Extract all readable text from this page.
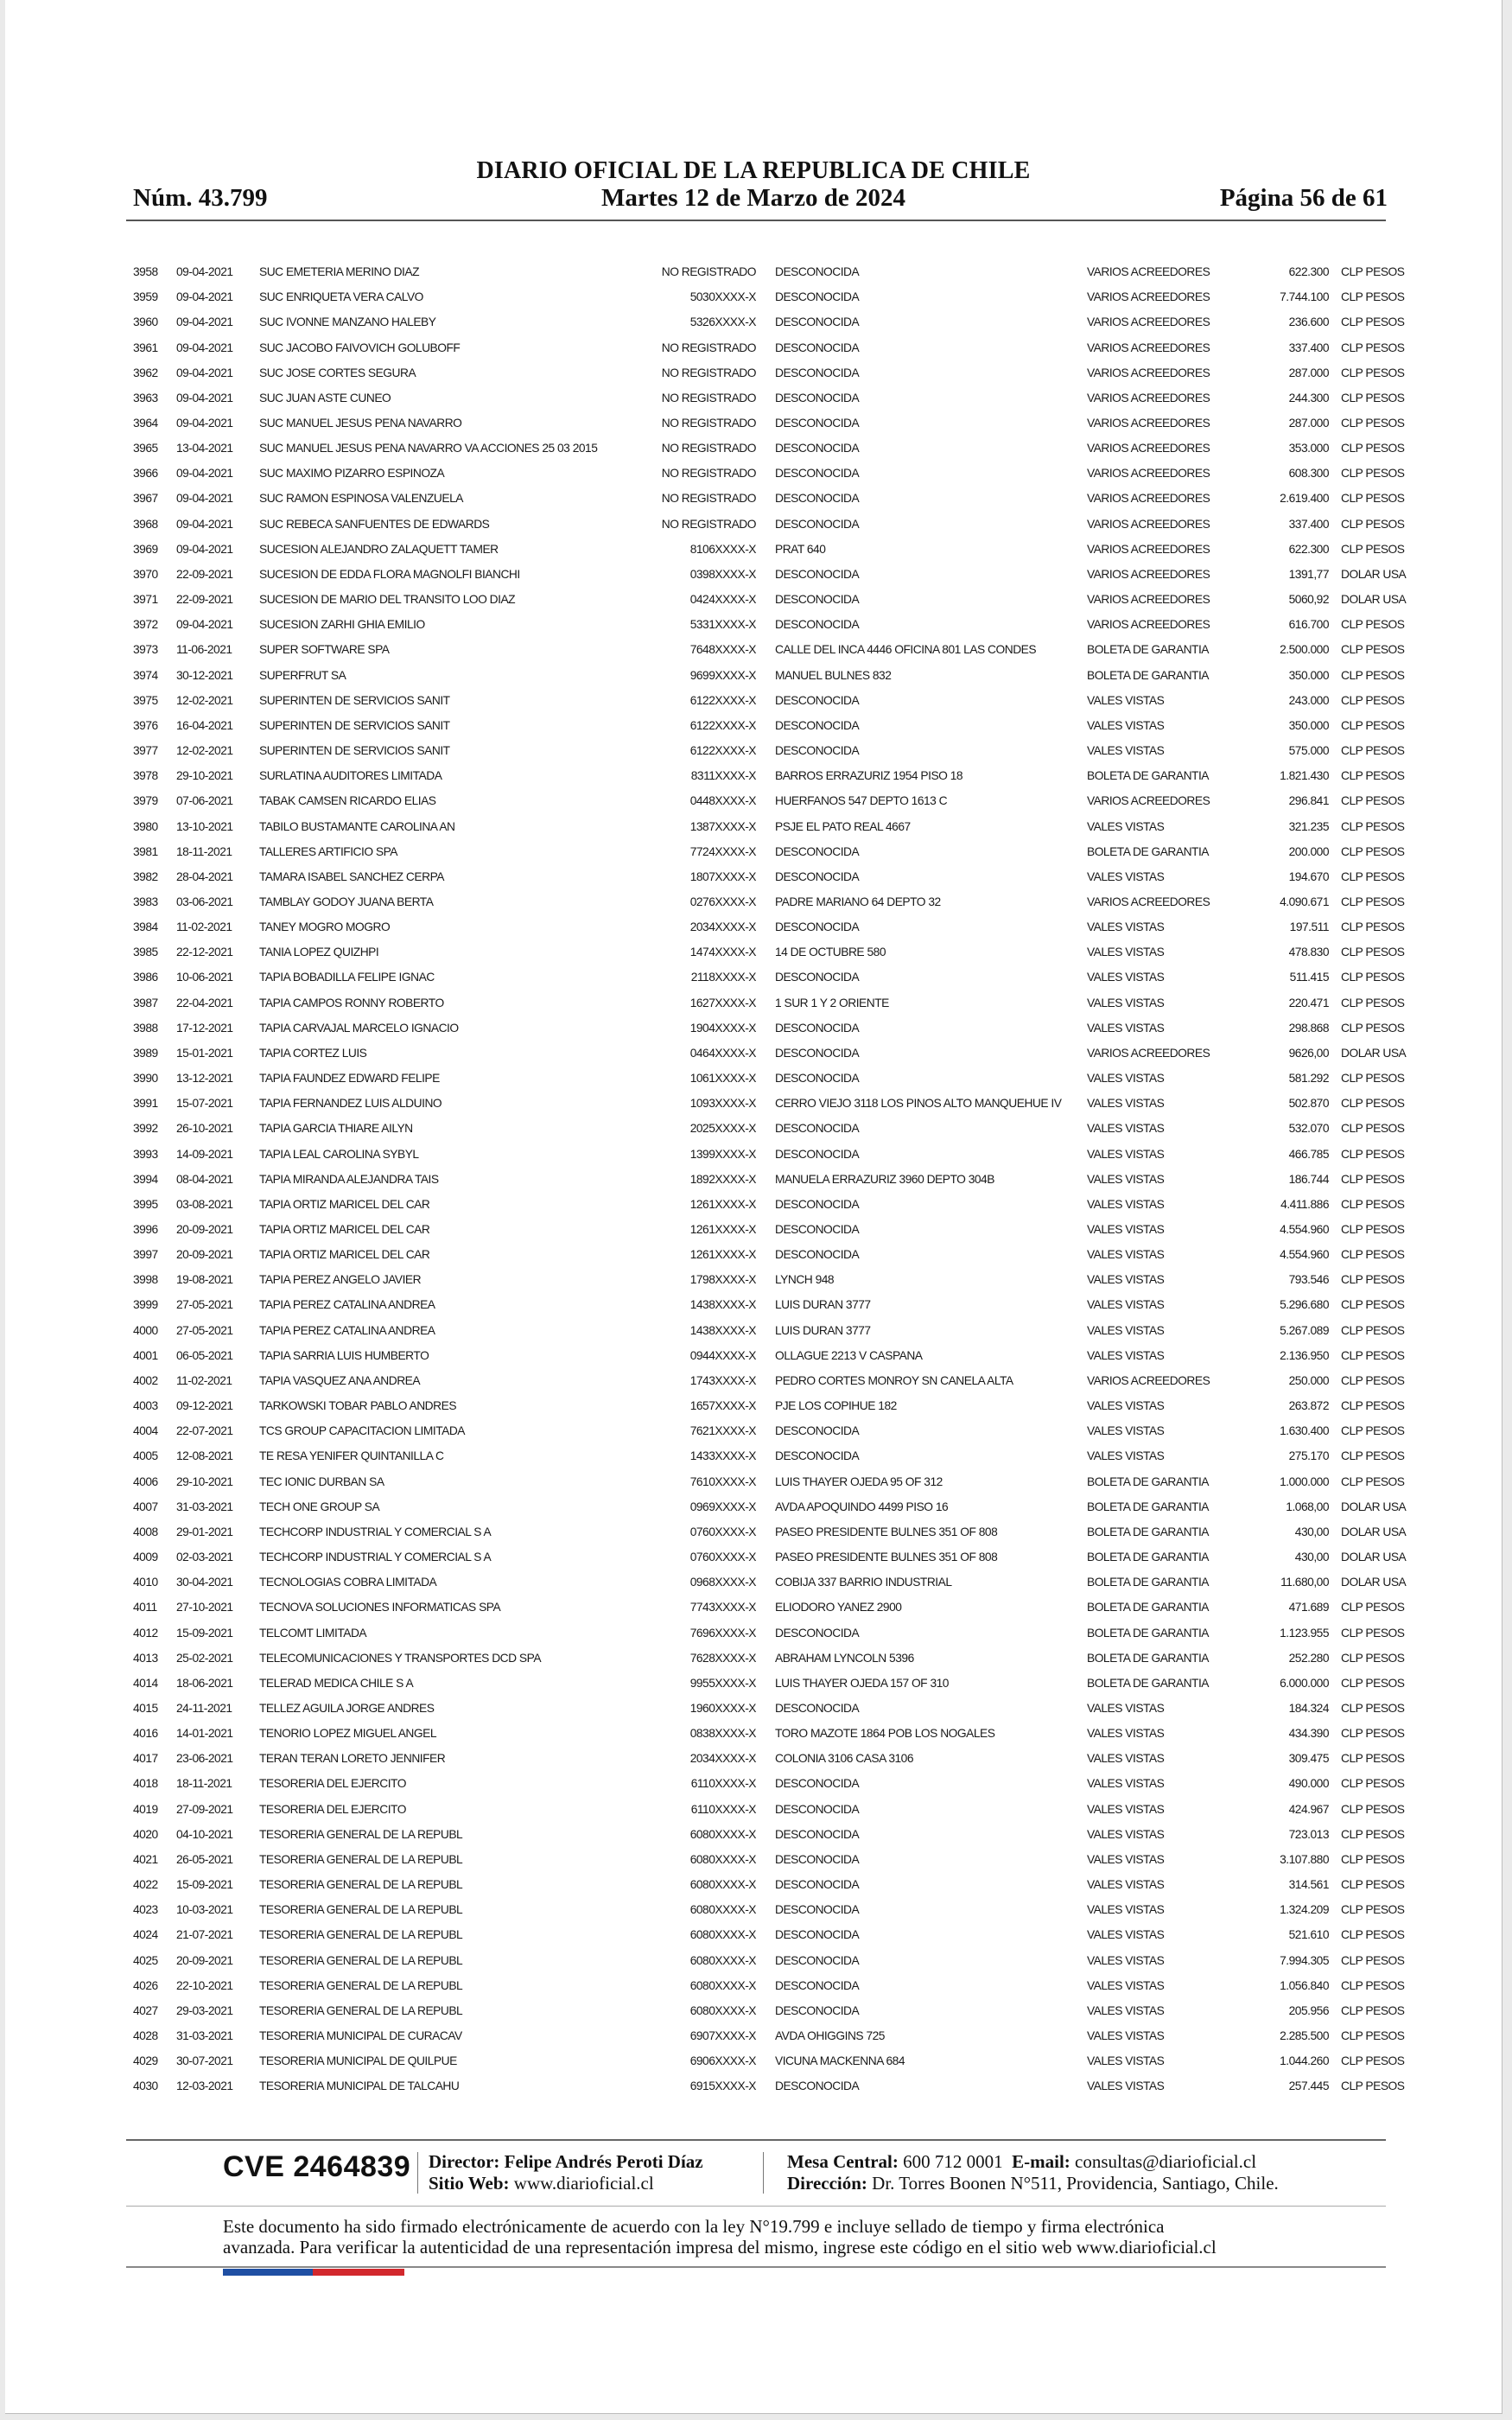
DIARIO OFICIAL DE LA REPUBLICA DE CHILE
Martes 12 de Marzo de 2024
Núm. 43.799	Página 56 de 61
3958	09-04-2021	SUC EMETERIA MERINO DIAZ	NO REGISTRADO	DESCONOCIDA	VARIOS ACREEDORES	622.300	CLP PESOS
3959	09-04-2021	SUC ENRIQUETA VERA CALVO	5030XXXX-X	DESCONOCIDA	VARIOS ACREEDORES	7.744.100	CLP PESOS
3960	09-04-2021	SUC IVONNE MANZANO HALEBY	5326XXXX-X	DESCONOCIDA	VARIOS ACREEDORES	236.600	CLP PESOS
3961	09-04-2021	SUC JACOBO FAIVOVICH GOLUBOFF	NO REGISTRADO	DESCONOCIDA	VARIOS ACREEDORES	337.400	CLP PESOS
3962	09-04-2021	SUC JOSE CORTES SEGURA	NO REGISTRADO	DESCONOCIDA	VARIOS ACREEDORES	287.000	CLP PESOS
3963	09-04-2021	SUC JUAN ASTE CUNEO	NO REGISTRADO	DESCONOCIDA	VARIOS ACREEDORES	244.300	CLP PESOS
3964	09-04-2021	SUC MANUEL JESUS PENA NAVARRO	NO REGISTRADO	DESCONOCIDA	VARIOS ACREEDORES	287.000	CLP PESOS
3965	13-04-2021	SUC MANUEL JESUS PENA NAVARRO VA ACCIONES 25 03 2015	NO REGISTRADO	DESCONOCIDA	VARIOS ACREEDORES	353.000	CLP PESOS
3966	09-04-2021	SUC MAXIMO PIZARRO ESPINOZA	NO REGISTRADO	DESCONOCIDA	VARIOS ACREEDORES	608.300	CLP PESOS
3967	09-04-2021	SUC RAMON ESPINOSA VALENZUELA	NO REGISTRADO	DESCONOCIDA	VARIOS ACREEDORES	2.619.400	CLP PESOS
3968	09-04-2021	SUC REBECA SANFUENTES DE EDWARDS	NO REGISTRADO	DESCONOCIDA	VARIOS ACREEDORES	337.400	CLP PESOS
3969	09-04-2021	SUCESION ALEJANDRO ZALAQUETT TAMER	8106XXXX-X	PRAT 640	VARIOS ACREEDORES	622.300	CLP PESOS
3970	22-09-2021	SUCESION DE EDDA FLORA MAGNOLFI BIANCHI	0398XXXX-X	DESCONOCIDA	VARIOS ACREEDORES	1391,77	DOLAR USA
3971	22-09-2021	SUCESION DE MARIO DEL TRANSITO LOO DIAZ	0424XXXX-X	DESCONOCIDA	VARIOS ACREEDORES	5060,92	DOLAR USA
3972	09-04-2021	SUCESION ZARHI GHIA EMILIO	5331XXXX-X	DESCONOCIDA	VARIOS ACREEDORES	616.700	CLP PESOS
3973	11-06-2021	SUPER SOFTWARE SPA	7648XXXX-X	CALLE DEL INCA 4446 OFICINA 801 LAS CONDES	BOLETA DE GARANTIA	2.500.000	CLP PESOS
3974	30-12-2021	SUPERFRUT SA	9699XXXX-X	MANUEL BULNES 832	BOLETA DE GARANTIA	350.000	CLP PESOS
3975	12-02-2021	SUPERINTEN DE SERVICIOS SANIT	6122XXXX-X	DESCONOCIDA	VALES VISTAS	243.000	CLP PESOS
3976	16-04-2021	SUPERINTEN DE SERVICIOS SANIT	6122XXXX-X	DESCONOCIDA	VALES VISTAS	350.000	CLP PESOS
3977	12-02-2021	SUPERINTEN DE SERVICIOS SANIT	6122XXXX-X	DESCONOCIDA	VALES VISTAS	575.000	CLP PESOS
3978	29-10-2021	SURLATINA AUDITORES LIMITADA	8311XXXX-X	BARROS ERRAZURIZ 1954 PISO 18	BOLETA DE GARANTIA	1.821.430	CLP PESOS
3979	07-06-2021	TABAK CAMSEN RICARDO ELIAS	0448XXXX-X	HUERFANOS 547 DEPTO 1613 C	VARIOS ACREEDORES	296.841	CLP PESOS
3980	13-10-2021	TABILO BUSTAMANTE CAROLINA AN	1387XXXX-X	PSJE EL PATO REAL 4667	VALES VISTAS	321.235	CLP PESOS
3981	18-11-2021	TALLERES ARTIFICIO SPA	7724XXXX-X	DESCONOCIDA	BOLETA DE GARANTIA	200.000	CLP PESOS
3982	28-04-2021	TAMARA ISABEL SANCHEZ CERPA	1807XXXX-X	DESCONOCIDA	VALES VISTAS	194.670	CLP PESOS
3983	03-06-2021	TAMBLAY GODOY JUANA BERTA	0276XXXX-X	PADRE MARIANO 64 DEPTO 32	VARIOS ACREEDORES	4.090.671	CLP PESOS
3984	11-02-2021	TANEY MOGRO MOGRO	2034XXXX-X	DESCONOCIDA	VALES VISTAS	197.511	CLP PESOS
3985	22-12-2021	TANIA LOPEZ QUIZHPI	1474XXXX-X	14 DE OCTUBRE 580	VALES VISTAS	478.830	CLP PESOS
3986	10-06-2021	TAPIA BOBADILLA FELIPE IGNAC	2118XXXX-X	DESCONOCIDA	VALES VISTAS	511.415	CLP PESOS
3987	22-04-2021	TAPIA CAMPOS RONNY ROBERTO	1627XXXX-X	1 SUR 1 Y 2 ORIENTE	VALES VISTAS	220.471	CLP PESOS
3988	17-12-2021	TAPIA CARVAJAL MARCELO IGNACIO	1904XXXX-X	DESCONOCIDA	VALES VISTAS	298.868	CLP PESOS
3989	15-01-2021	TAPIA CORTEZ LUIS	0464XXXX-X	DESCONOCIDA	VARIOS ACREEDORES	9626,00	DOLAR USA
3990	13-12-2021	TAPIA FAUNDEZ EDWARD FELIPE	1061XXXX-X	DESCONOCIDA	VALES VISTAS	581.292	CLP PESOS
3991	15-07-2021	TAPIA FERNANDEZ LUIS ALDUINO	1093XXXX-X	CERRO VIEJO 3118 LOS PINOS ALTO MANQUEHUE IV	VALES VISTAS	502.870	CLP PESOS
3992	26-10-2021	TAPIA GARCIA THIARE AILYN	2025XXXX-X	DESCONOCIDA	VALES VISTAS	532.070	CLP PESOS
3993	14-09-2021	TAPIA LEAL CAROLINA SYBYL	1399XXXX-X	DESCONOCIDA	VALES VISTAS	466.785	CLP PESOS
3994	08-04-2021	TAPIA MIRANDA ALEJANDRA TAIS	1892XXXX-X	MANUELA ERRAZURIZ 3960 DEPTO 304B	VALES VISTAS	186.744	CLP PESOS
3995	03-08-2021	TAPIA ORTIZ MARICEL DEL CAR	1261XXXX-X	DESCONOCIDA	VALES VISTAS	4.411.886	CLP PESOS
3996	20-09-2021	TAPIA ORTIZ MARICEL DEL CAR	1261XXXX-X	DESCONOCIDA	VALES VISTAS	4.554.960	CLP PESOS
3997	20-09-2021	TAPIA ORTIZ MARICEL DEL CAR	1261XXXX-X	DESCONOCIDA	VALES VISTAS	4.554.960	CLP PESOS
3998	19-08-2021	TAPIA PEREZ ANGELO JAVIER	1798XXXX-X	LYNCH 948	VALES VISTAS	793.546	CLP PESOS
3999	27-05-2021	TAPIA PEREZ CATALINA ANDREA	1438XXXX-X	LUIS DURAN 3777	VALES VISTAS	5.296.680	CLP PESOS
4000	27-05-2021	TAPIA PEREZ CATALINA ANDREA	1438XXXX-X	LUIS DURAN 3777	VALES VISTAS	5.267.089	CLP PESOS
4001	06-05-2021	TAPIA SARRIA LUIS HUMBERTO	0944XXXX-X	OLLAGUE 2213 V CASPANA	VALES VISTAS	2.136.950	CLP PESOS
4002	11-02-2021	TAPIA VASQUEZ ANA ANDREA	1743XXXX-X	PEDRO CORTES MONROY SN CANELA ALTA	VARIOS ACREEDORES	250.000	CLP PESOS
4003	09-12-2021	TARKOWSKI TOBAR PABLO ANDRES	1657XXXX-X	PJE LOS COPIHUE 182	VALES VISTAS	263.872	CLP PESOS
4004	22-07-2021	TCS GROUP CAPACITACION LIMITADA	7621XXXX-X	DESCONOCIDA	VALES VISTAS	1.630.400	CLP PESOS
4005	12-08-2021	TE RESA YENIFER QUINTANILLA C	1433XXXX-X	DESCONOCIDA	VALES VISTAS	275.170	CLP PESOS
4006	29-10-2021	TEC IONIC DURBAN SA	7610XXXX-X	LUIS THAYER OJEDA 95 OF 312	BOLETA DE GARANTIA	1.000.000	CLP PESOS
4007	31-03-2021	TECH ONE GROUP SA	0969XXXX-X	AVDA APOQUINDO 4499 PISO 16	BOLETA DE GARANTIA	1.068,00	DOLAR USA
4008	29-01-2021	TECHCORP INDUSTRIAL Y COMERCIAL S A	0760XXXX-X	PASEO PRESIDENTE BULNES 351 OF 808	BOLETA DE GARANTIA	430,00	DOLAR USA
4009	02-03-2021	TECHCORP INDUSTRIAL Y COMERCIAL S A	0760XXXX-X	PASEO PRESIDENTE BULNES 351 OF 808	BOLETA DE GARANTIA	430,00	DOLAR USA
4010	30-04-2021	TECNOLOGIAS COBRA LIMITADA	0968XXXX-X	COBIJA 337 BARRIO INDUSTRIAL	BOLETA DE GARANTIA	11.680,00	DOLAR USA
4011	27-10-2021	TECNOVA SOLUCIONES INFORMATICAS SPA	7743XXXX-X	ELIODORO YANEZ 2900	BOLETA DE GARANTIA	471.689	CLP PESOS
4012	15-09-2021	TELCOMT LIMITADA	7696XXXX-X	DESCONOCIDA	BOLETA DE GARANTIA	1.123.955	CLP PESOS
4013	25-02-2021	TELECOMUNICACIONES Y TRANSPORTES DCD SPA	7628XXXX-X	ABRAHAM LYNCOLN 5396	BOLETA DE GARANTIA	252.280	CLP PESOS
4014	18-06-2021	TELERAD MEDICA CHILE S A	9955XXXX-X	LUIS THAYER OJEDA 157 OF 310	BOLETA DE GARANTIA	6.000.000	CLP PESOS
4015	24-11-2021	TELLEZ AGUILA JORGE ANDRES	1960XXXX-X	DESCONOCIDA	VALES VISTAS	184.324	CLP PESOS
4016	14-01-2021	TENORIO LOPEZ MIGUEL ANGEL	0838XXXX-X	TORO MAZOTE 1864 POB LOS NOGALES	VALES VISTAS	434.390	CLP PESOS
4017	23-06-2021	TERAN TERAN LORETO JENNIFER	2034XXXX-X	COLONIA 3106 CASA 3106	VALES VISTAS	309.475	CLP PESOS
4018	18-11-2021	TESORERIA DEL EJERCITO	6110XXXX-X	DESCONOCIDA	VALES VISTAS	490.000	CLP PESOS
4019	27-09-2021	TESORERIA DEL EJERCITO	6110XXXX-X	DESCONOCIDA	VALES VISTAS	424.967	CLP PESOS
4020	04-10-2021	TESORERIA GENERAL DE LA REPUBL	6080XXXX-X	DESCONOCIDA	VALES VISTAS	723.013	CLP PESOS
4021	26-05-2021	TESORERIA GENERAL DE LA REPUBL	6080XXXX-X	DESCONOCIDA	VALES VISTAS	3.107.880	CLP PESOS
4022	15-09-2021	TESORERIA GENERAL DE LA REPUBL	6080XXXX-X	DESCONOCIDA	VALES VISTAS	314.561	CLP PESOS
4023	10-03-2021	TESORERIA GENERAL DE LA REPUBL	6080XXXX-X	DESCONOCIDA	VALES VISTAS	1.324.209	CLP PESOS
4024	21-07-2021	TESORERIA GENERAL DE LA REPUBL	6080XXXX-X	DESCONOCIDA	VALES VISTAS	521.610	CLP PESOS
4025	20-09-2021	TESORERIA GENERAL DE LA REPUBL	6080XXXX-X	DESCONOCIDA	VALES VISTAS	7.994.305	CLP PESOS
4026	22-10-2021	TESORERIA GENERAL DE LA REPUBL	6080XXXX-X	DESCONOCIDA	VALES VISTAS	1.056.840	CLP PESOS
4027	29-03-2021	TESORERIA GENERAL DE LA REPUBL	6080XXXX-X	DESCONOCIDA	VALES VISTAS	205.956	CLP PESOS
4028	31-03-2021	TESORERIA MUNICIPAL DE CURACAV	6907XXXX-X	AVDA OHIGGINS 725	VALES VISTAS	2.285.500	CLP PESOS
4029	30-07-2021	TESORERIA MUNICIPAL DE QUILPUE	6906XXXX-X	VICUNA MACKENNA 684	VALES VISTAS	1.044.260	CLP PESOS
4030	12-03-2021	TESORERIA MUNICIPAL DE TALCAHU	6915XXXX-X	DESCONOCIDA	VALES VISTAS	257.445	CLP PESOS
CVE 2464839 Director: Felipe Andrés Peroti Díaz
Sitio Web: www.diarioficial.cl
Mesa Central: 600 712 0001 E-mail: consultas@diarioficial.cl
Dirección: Dr. Torres Boonen N°511, Providencia, Santiago, Chile.
Este documento ha sido firmado electrónicamente de acuerdo con la ley N°19.799 e incluye sellado de tiempo y firma electrónica
avanzada. Para verificar la autenticidad de una representación impresa del mismo, ingrese este código en el sitio web www.diarioficial.cl
